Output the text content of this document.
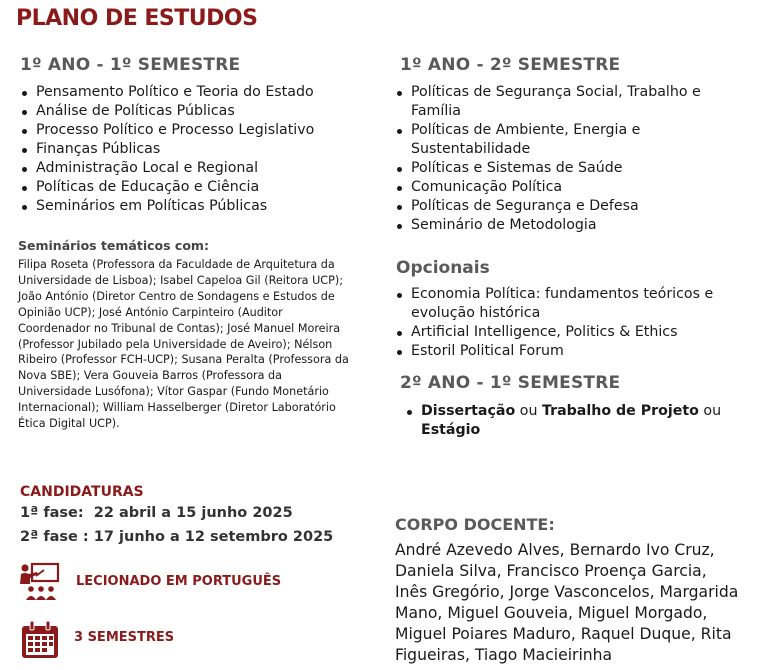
PLANO DE ESTUDOS
1º ANO - 1º SEMESTRE
Pensamento Político e Teoria do Estado
Análise de Políticas Públicas
Processo Político e Processo Legislativo
Finanças Públicas
Administração Local e Regional
Políticas de Educação e Ciência
Seminários em Políticas Públicas
Seminários temáticos com:
Filipa Roseta (Professora da Faculdade de Arquitetura da Universidade de Lisboa); Isabel Capeloa Gil (Reitora UCP); João António (Diretor Centro de Sondagens e Estudos de Opinião UCP); José António Carpinteiro (Auditor Coordenador no Tribunal de Contas); José Manuel Moreira (Professor Jubilado pela Universidade de Aveiro); Nélson Ribeiro (Professor FCH-UCP); Susana Peralta (Professora da Nova SBE); Vera Gouveia Barros (Professora da Universidade Lusófona); Vítor Gaspar (Fundo Monetário Internacional); William Hasselberger (Diretor Laboratório Ética Digital UCP).
CANDIDATURAS
1ª fase: 22 abril a 15 junho 2025
2ª fase : 17 junho a 12 setembro 2025
LECIONADO EM PORTUGUÊS
3 SEMESTRES
1º ANO - 2º SEMESTRE
Políticas de Segurança Social, Trabalho e Família
Políticas de Ambiente, Energia e Sustentabilidade
Políticas e Sistemas de Saúde
Comunicação Política
Políticas de Segurança e Defesa
Seminário de Metodologia
Opcionais
Economia Política: fundamentos teóricos e evolução histórica
Artificial Intelligence, Politics & Ethics
Estoril Political Forum
2º ANO - 1º SEMESTRE
Dissertação ou Trabalho de Projeto ou Estágio
CORPO DOCENTE:
André Azevedo Alves, Bernardo Ivo Cruz, Daniela Silva, Francisco Proença Garcia, Inês Gregório, Jorge Vasconcelos, Margarida Mano, Miguel Gouveia, Miguel Morgado, Miguel Poiares Maduro, Raquel Duque, Rita Figueiras, Tiago Macieirinha
